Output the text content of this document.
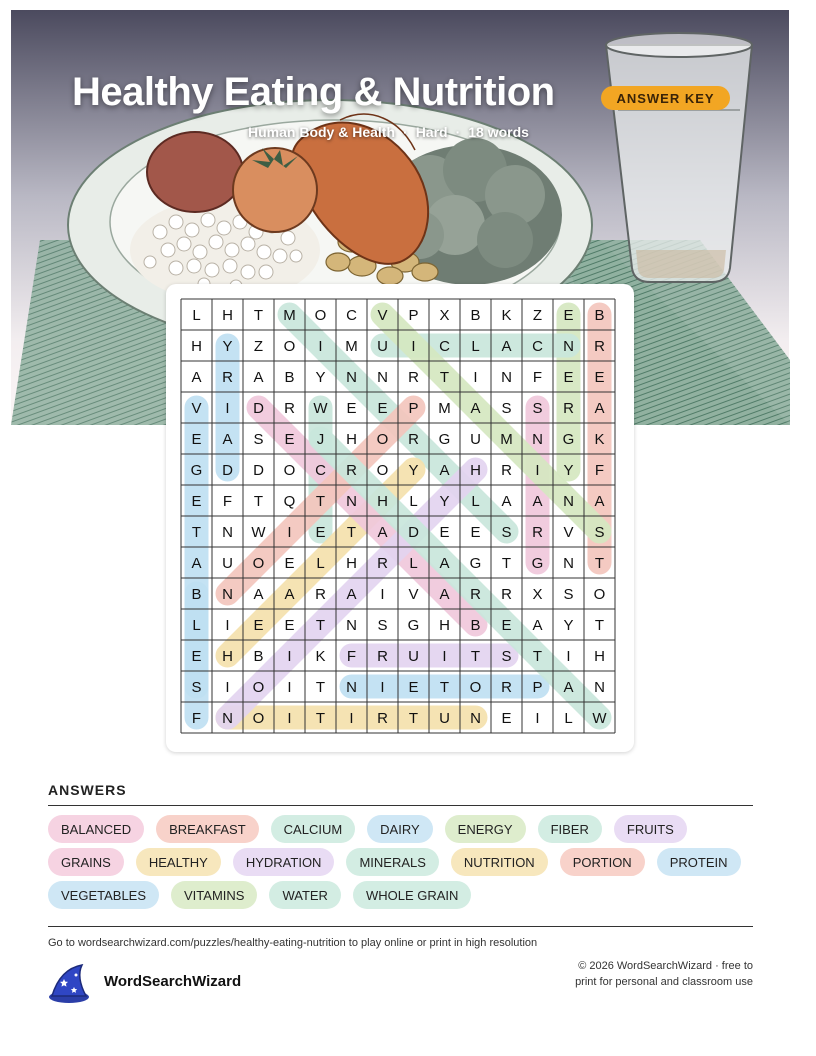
Healthy Eating & Nutrition
Human Body & Health · Hard · 18 words
ANSWER KEY
L H T M O C V P X B K Z E B
H Y Z O I M U I C L A C N R
A R A B Y N N R T I N F E E
V I D R W E E P M A S S R A
E A S E J H O R G U M N G K
G D D O C R O Y A H R I Y F
E F T Q T N H L Y L A A N A
T N W I E T A D E E S R V S
A U O E L H R L A G T G N T
B N A A R A I V A R R X S O
L I E E T N S G H B E A Y T
E H B I K F R U I T S T I H
S I O I T N I E T O R P A N
F N O I T I R T U N E I L W
ANSWERS
BALANCED	BREAKFAST	CALCIUM	DAIRY	ENERGY	FIBER	FRUITS
GRAINS	HEALTHY	HYDRATION	MINERALS	NUTRITION	PORTION	PROTEIN
VEGETABLES	VITAMINS	WATER	WHOLE GRAIN
Go to wordsearchwizard.com/puzzles/healthy-eating-nutrition to play online or print in high resolution
WordSearchWizard
© 2026 WordSearchWizard · free to print for personal and classroom use
